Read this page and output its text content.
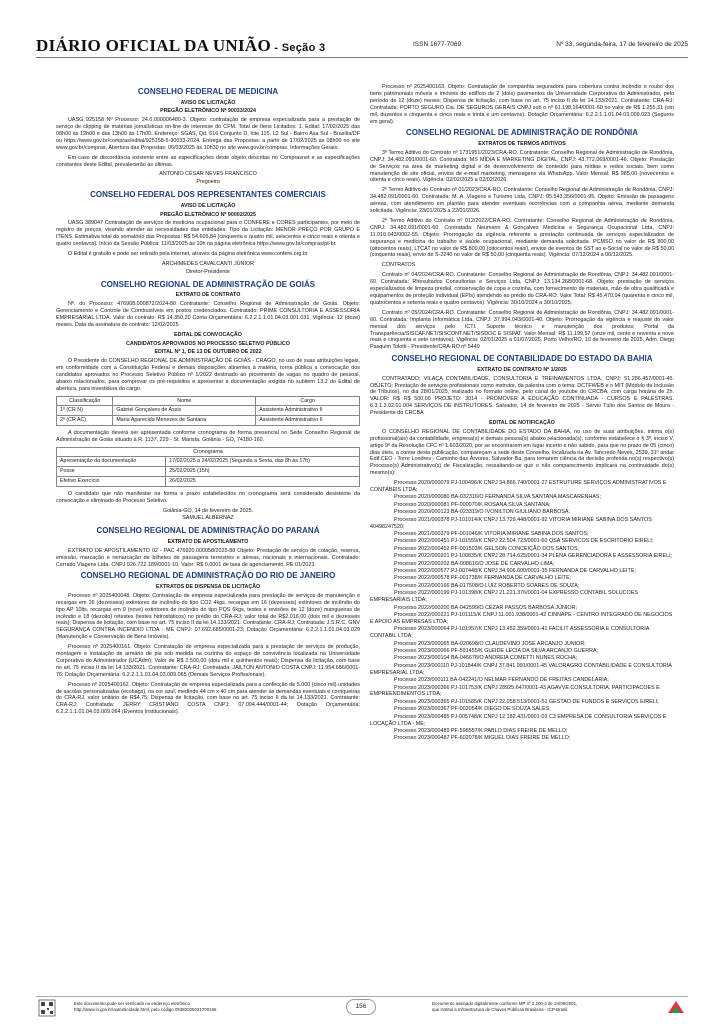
DIÁRIO OFICIAL DA UNIÃO - Seção 3	ISSN 1677-7069	Nº 33, segunda-feira, 17 de fevereiro de 2025
CONSELHO FEDERAL DE MEDICINA
AVISO DE LICITAÇÃO
PREGÃO ELETRÔNICO Nº 90033/2024

UASG 925158 Nº Processo: 24.0.000006480-3. Objeto: contratação de empresa especializada para a prestação de serviço de clipping de matérias jornalísticas on-line de interesse do CFM. Total de Itens Licitados: 1. Edital: 17/02/2025 das 08h00 às 12h00 e das 13h00 às 17h00. Endereço: SGAS, Qd. 616 Conjunto D, lote 115, L2 Sul - Bairro Asa Sul - Brasília/DF ou https://www.gov.br/compras/edital/925158-5-90033-2024. Entrega das Propostas: a partir de 17/02/2025 às 08h00 no site www.gov.br/compras. Abertura das Propostas: 06/03/2025 às 10h30 no site www.gov.br/compras. Informações Gerais:

Em caso de discordância existente entre as especificações deste objeto descritas no Comprasnet e as especificações constantes deste Edital, prevalecerão às últimas.

ANTONIO CÉSAR NEVES FRANCISCO
Pregoeiro
CONSELHO FEDERAL DOS REPRESENTANTES COMERCIAIS
AVISO DE LICITAÇÃO
PREGÃO ELETRÔNICO Nº 90002/2025

UASG 389047 Contratação de serviços de medicina ocupacional para o CONFERE e CORES participantes, por meio de registro de preços, visando atender às necessidades das entidades. Tipo da Licitação: MENOR PREÇO POR GRUPO E ITENS. Estimativa total do somatório das Propostas: R$ 54.605,84 (cinquenta e quatro mil, seiscentos e cinco reais e oitenta e quatro centavos). Início da Sessão Pública: 11/03/2025 às 10h na página eletrônica https://www.gov.br/compras/pt-br.

O Edital é gratuito e pode ser retirado pela internet, através da página eletrônica www.confere.org.br

ARCHIMEDES CAVALCANTI JÚNIOR
Diretor-Presidente
CONSELHO REGIONAL DE ADMINISTRAÇÃO DE GOIÁS
EXTRATO DE CONTRATO

Nº. do Processo: 476908.000872/2024-80 Contratante: Conselho Regional de Administração de Goiás. Objeto: Gerenciamento e Controle de Combustíveis em postos credenciados. Contratado: PRIME CONSULTORIA E ASSESSORIA EMPRESARIAL LTDA. Valor do contrato: R$ 14.350,20 Conta Orçamentária: 6.2.2.1.1.01.04.03.001.031. Vigência: 12 (doze) meses. Data da assinatura do contrato: 12/02/2025

EDITAL DE CONVOCAÇÃO
CANDIDATOS APROVADOS NO PROCESSO SELETIVO PÚBLICO
EDITAL Nº 1, DE 13 DE OUTUBRO DE 2022

O Presidente do CONSELHO REGIONAL DE ADMINISTRAÇÃO DE GOIÁS - CRAGO, no uso de suas atribuições legais, em conformidade com a Constituição Federal e demais disposições atinentes à matéria, torna pública a convocação dos candidatos aprovados no Processo Seletivo Público nº 1/2022 destinado ao provimento de vagas no quadro de pessoal, abaixo relacionados, para comprovar os pré-requisitos e apresentar a documentação exigida no subitem 13.2 do Edital de abertura, para investidura do cargo.

Classificação	Nome	Cargo
1º (CR N)	Gabriel Gonçalves de Assis	Assistente Administrativo II
2º (CR AC)	Maria Aparecida Menezes de Santana	Assistente Administrativo II

A documentação deverá ser apresentada conforme cronograma de forma presencial no Sede Conselho Regional de Administração de Goiás situado à R. 1137, 229 - St. Marista, Goiânia - GO, 74180-160.

Cronograma
Apresentação da documentação	17/02/2025 a 24/02/2025 (Segunda a Sexta, das 8h às 17h)
Posse	25/02/2025 (15h)
Efetivo Exercício	26/02/2025

O candidato que não manifestar na forma e prazo estabelecidos no cronograma será considerado desistente da convocação e eliminado do Processo Seletivo.

Goiânia-GO, 14 de fevereiro de 2025.
SAMUEL ALBERNAZ
CONSELHO REGIONAL DE ADMINISTRAÇÃO DO PARANÁ
EXTRATO DE APOSTILAMENTO

EXTRATO DE APOSTILAMENTO 02 - PAC 476920.000058/2025-88 Objeto: Prestação de serviço de cotação, reserva, emissão, marcação e remarcação de bilhetes de passagens terrestres e aéreas, nacionais e internacionais. Contratado: Cerrado Viagens Ltda. CNPJ 026.722.189/0001-10. Valor: R$ 0,0001 de taxa de agenciamento. PE 01/2023.

CONSELHO REGIONAL DE ADMINISTRAÇÃO DO RIO DE JANEIRO
EXTRATOS DE DISPENSA DE LICITAÇÃO

Processo nº 2025400048. Objeto: Contratação de empresa especializada para prestação de serviços de manutenção e recargas em 16 (dezesseis) extintores de incêndio do tipo CO2 4kgs, recargas em 16 (dezesseis) extintores de incêndio do tipo AP 10lts, recargas em 9 (nove) extintores de incêndio do tipo PQS 6kgs, testes e revisões de 12 (doze) mangueiras de incêndio e 18 (dezoito) retestes (testes hidrostáticos) no prédio do CRA-RJ; valor total de R$2.016,00 (dois mil e dezesseis reais); Dispensa de licitação, com base no art. 75 inciso II da lei 14.133/2021. Contratante: CRA-RJ; Contratada: J.S.R.C. GNV SEGURANÇA CONTRA INCENDIO LTDA - ME CNPJ: 07.692.685/0001-23; Dotação Orçamentária: 6.2.2.1.1.01.04.03.029 (Manutenção e Conservação de Bens Imóveis).

Processo nº 2025400161. Objeto: Contratação de empresa especializada para a prestação de serviços de produção, montagem e instalação de armário de pia sob medida na cozinha do espaço de convivência localizada na Universidade Corporativa do Administrador (UCAdm); Valor de R$ 2.500,00 (dois mil e quinhentos reais); Dispensa de licitação, com base no art. 75 inciso II da lei 14.133/2021. Contratante: CRA-RJ; Contratada: JAILTON ANTONIO COSTA CNPJ: 11.954.686/0001-76; Dotação Orçamentária: 6.2.2.1.1.01.04.03.009.065 (Demais Serviços Profissionais).

Processo nº 2025400162. Objeto: Contratação de empresa especializada para a confecção de 5.000 (cinco mil) unidades de sacolas personalizadas (ecobags), na cor azul, medindo 44 cm x 40 cm para atender às demandas eventuais e corriqueiras do CRA-RJ, valor unitário de R$4,75; Dispensa de licitação, com base no art. 75 inciso II da lei 14.133/2021. Contratante: CRA-RJ; Contratada: JERRY CRISTIANO COSTA CNPJ: 07.004.444/0001-44; Dotação Orçamentária: 6.2.2.1.1.01.04.03.009.064 (Eventos Institucionais).

Processo nº 2025400163. Objeto: Contratação de companhia seguradora para cobertura contra incêndio e roubo dos bens patrimoniais móveis e imóveis do edifício de 2 (dois) pavimentos da Universidade Corporativa do Administrador, pelo período de 12 (doze) meses; Dispensa de licitação, com base no art. 75 inciso II da lei 14.133/2021. Contratante: CRA-RJ; Contratada: PORTO SEGURO Cia. DE SEGUROS GERAIS CNPJ sob o nº 61.198.164/0001-60 no valor de R$ 1.255,31 (um mil, duzentos e cinquenta e cinco reais e trinta e um centavos). Dotação Orçamentária: 6.2.2.1.1.01.04.03.009.023 (Seguros em geral).

CONSELHO REGIONAL DE ADMINISTRAÇÃO DE RONDÔNIA
EXTRATOS DE TERMOS ADITIVOS

3º Termo Aditivo do Contrato nº 1731951/2023/CRA-RO. Contratante: Conselho Regional de Administração de Rondônia, CNPJ: 34.482.091/0001-60. Contratada: MS MÍDIA E MARKETING DIGITAL, CNPJ: 43.772.069/0001-46. Objeto: Prestação de Serviços na área de marketing digital e de desenvolvimento de conteúdo para mídias e redes sociais, bem como manutenção de site oficial, envios de e-mail marketing, mensagens via WhatsApp. Valor Mensal: R$ 985,00 (novecentos e oitenta e cinco reais). Vigência: 02/02/2025 a 02/02/2026.

2º Termo Aditivo do Contrato nº 01/2023/CRA-RO. Contratante: Conselho Regional de Administração de Rondônia, CNPJ: 34.482.091/0001-60. Contratada: M. A. Viagens e Turismo Ltda, CNPJ: 05.543.356/0001-95. Objeto: Emissão de passagens aéreas, com atendimento em plantão para atender eventuais ocorrências com a companhia aérea, mediante demanda solicitada. Vigência: 23/01/2025 a 22/01/2026.

2º Termo Aditivo do Contrato nº 012/2022/CRA-RO. Contratante: Conselho Regional de Administração de Rondônia, CNPJ: 34.482.091/0001-60. Contratada: Neumann & Gonçalves Medicina e Segurança Ocupacional Ltda, CNPJ: 11.010.043/0002-55. Objeto: Prorrogação da vigência referente a prestação continuada de serviços especializados de segurança e medicina do trabalho e saúde ocupacional, mediante demanda solicitada. PCMSO no valor de R$ 800,00 (oitocentos reais), LTCAT no valor de R$ 800,00 (oitocentos reais), envios de eventos de SST ao e-Social no valor de R$ 50,00 (cinquenta reais), envio de S-2240 no valor de R$ 50,00 (cinquenta reais). Vigência: 07/12/2024 a 06/12/2025.

CONTRATOS

Contrato nº 04/2024/CRA-RO. Contratante: Conselho Regional de Administração de Rondônia, CNPJ: 34.482.091/0001-60. Contratada: Rhesultados Consultorias e Serviços Ltda, CNPJ: 13.134.268/0001-68. Objeto: prestação de serviços especializados de limpeza predial, conservação de copa e cozinha, com fornecimento de materiais, mão de obra qualificada e equipamentos de proteção individual (EPIs) atendendo ao prédio do CRA-RO. Valor Total: R$ 45.470,04 (quarenta e cinco mil, quatrocentos e setenta reais e quatro centavos). Vigência: 30/10/2024 a 30/10/2025.

Contrato nº 05/2024/CRA-RO. Contratante: Conselho Regional de Administração de Rondônia, CNPJ: 34.482.091/0001-60. Contratada: Implanta Informática Ltda, CNPJ: 37.994.043/0001-40. Objeto: Prorrogação da vigência e reajuste do valor mensal dos serviços pelo ICTI. Suporte técnico e manutenção dos produtos: Portal da Transparência/SISCAF.NET/SISCONT.NET/SISDOC E SISPAT. Valor Mensal: R$ 11.199,57 (onze mil, cento e noventa e nove reais e cinquenta e sete centavos). Vigência: 02/01/2025 a 01/07/2025. Porto Velho/RO, 10 de fevereiro de 2025. Adm. Diego Pasquim Tolotti - Presidente/CRA-RO nº 5449

CONSELHO REGIONAL DE CONTABILIDADE DO ESTADO DA BAHIA
EXTRATO DE CONTRATO Nº 1/2025

CONTRATADO: VILAÇA CONTABILIDADE, CONSULTORIA E TREINAMENTOS LTDA, CNPJ: 51.286.457/0001-45. OBJETO: Prestação de serviços profissionais como instrutor, da palestra com o tema: DCTFWEB e o MIT (Módulo de Inclusão de Tributos), no dia 28/01/2025, realizado no formato online, pelo canal do youtube do CRCBA, com carga horária de 2h. VALOR: R$ R$ 500,00 PROJETO: 3014 - PROMOVER A EDUCAÇÃO CONTINUADA - CURSOS E PALESTRAS. 6.3.1.3.02.01.004 SERVIÇOS DE INSTRUTORES. Salvador, 14 de fevereiro de 2025 - Sérvio Túlio dos Santos de Moura - Presidente do CRCBA

EDITAL DE NOTIFICAÇÃO

O CONSELHO REGIONAL DE CONTABILIDADE DO ESTADO DA BAHIA, no uso de suas atribuições, intima o(s) profissional(ais) da contabilidade, empresa(s) e demais pessoa(s) abaixo relacionada(s), conforme estabelece o § 3º, inciso V, artigo 9º da Resolução CFC nº 1.603/2020, por se encontrarem em lugar incerto e não sabido, para que no prazo de 05 (cinco) dias úteis, a contar desta publicação, compareçam a sede deste Conselho, localizada na Av. Tancredo Neves, 2539, 31º andar Edif.CEO - Torre Londres - Caminho das Árvores, Salvador-Ba, para tomarem ciência da decisão proferida no(s) respectivo(s) Processo(s) Administrativo(s) de Fiscalização, ressaltando-se que o não comparecimento implicará na continuidade do(s) mesmo(s):

Processo 2020/000079 PJ-100496/K CNPJ 34.866.740/0001-27 ESTRUTURE SERVIÇOS ADMINISTRATIVOS E CONTÁBEIS LTDA;
Processo 2020/000080 BA-032316/O FERNANDA SILVA SANTANA MASCARENHAS;
Processo 2020/000081 PF-000070/K ROSANA SILVA SANTANA;
Processo 2020/000123 BA-023319/O IVONILTON GIULIANO BARBOSA;
Processo 2021/000378 PJ-101014/K CNPJ 13.729.448/0001-92 VITORIA MIRIANE SABINA DOS SANTOS 40498247520;
Processo 2021/000379 PF-001046/K VITORIA MIRIANE SABINA DOS SANTOS;
Processo 2022/000451 PJ-101559/K CNPJ 22.504.723/0001-60 QSA SERVICOS DE ESCRITORIO EIRELI;
Processo 2022/000452 PF-001503/K GELSON CONCEIÇÃO DOS SANTOS;
Processo 2022/000201 PJ-100835/K CNPJ 28.714.625/0001-34 PLENA GERENCIADORA E ASSESSORIA EIRELI;
Processo 2022/000202 BA-008616/O JOSE DE CARVALHO LIMA;
Processo 2022/000577 PJ-007448/K CNPJ 34.906.600/0001-35 FERNANDA DE CARVALHO LEITE;
Processo 2022/000578 PF-001738/K FERNANDA DE CARVALHO LEITE;
Processo 2022/000166 BA-017508/O LUIZ ROBERTO SOARES DE SOUZA;
Processo 2022/000199 PJ-101398/K CNPJ 21.221.376/0001-04 EXPRESSO CONTABIL SOLUCOES EMPRESARIAIS LTDA;
Processo 2022/000200 BA-042599/O CÉZAR PASSOS BARBOSA JÚNIOR;
Processo 2022/000221 PJ-101115/K CNPJ 11.001.938/0001-42 CINNAPE - CENTRO INTEGRADO DE NEGOCIOS E APOIO AS EMPRESAS LTDA;
Processo 2023/000064 PJ-101957/K CNPJ 13.452.359/0001-41 FACILIT ASSESSORIA E CONSULTORIA CONTABIL LTDA;
Processo 2023/000065 BA-020698/O CLAUDEVINO JOSE ARCANJO JUNIOR;
Processo 2023/000066 PF-591455/K GLEIDE LECIA DA SILVA ARCANJO GUERRA;
Processo 2023/000104 BA-046678/O ANDREIA COMETTI NUNES ROCHA;
Processo 2023/000110 PJ-101844/K CNPJ 37.841.991/0001-45 VALORAGRO CONTABILIDADE E CONSULTORIA EMPRESARIAL LTDA;
Processo 2023/000111 BA-042241/O NELMAR FERNANDO DE FREITAS CANDELARIA;
Processo 2023/000366 PJ-101753/K CNPJ 28925.647/0001-43 AGAVVE CONSULTORIA, PARTICIPACOES E EMPREENDIMENTOS LTDA;
Processo 2023/000365 PJ-101585/K CNPJ 22.058.513/0001-51 GESTAO DE FUNDOS E SERVIÇOS EIRELI;
Processo 2023/000367 PF-002054/K DIEGO DE SOUZA SALES;
Processo 2023/000485 PJ-005748/K CNPJ 12.182.431/0001-03 C3 EMPRESA DE CONSULTORIA SERVIÇOS E LOCAÇÃO LTDA - ME;
Processo 2023/000489 PF-598557/K PABLO DIAS FREIRE DE MELLO;
Processo 2023/000487 PF-602078/K MIGUEL DIAS FREIRE DE MELLO;
Este documento pode ser verificado no endereço eletrônico
http://www.in.gov.br/autenticidade.html, pelo código 05382025021700156	156	Documento assinado digitalmente conforme MP nº 2.200-2 de 24/08/2001,
que institui a Infraestrutura de Chaves Públicas Brasileira - ICP-Brasil.
